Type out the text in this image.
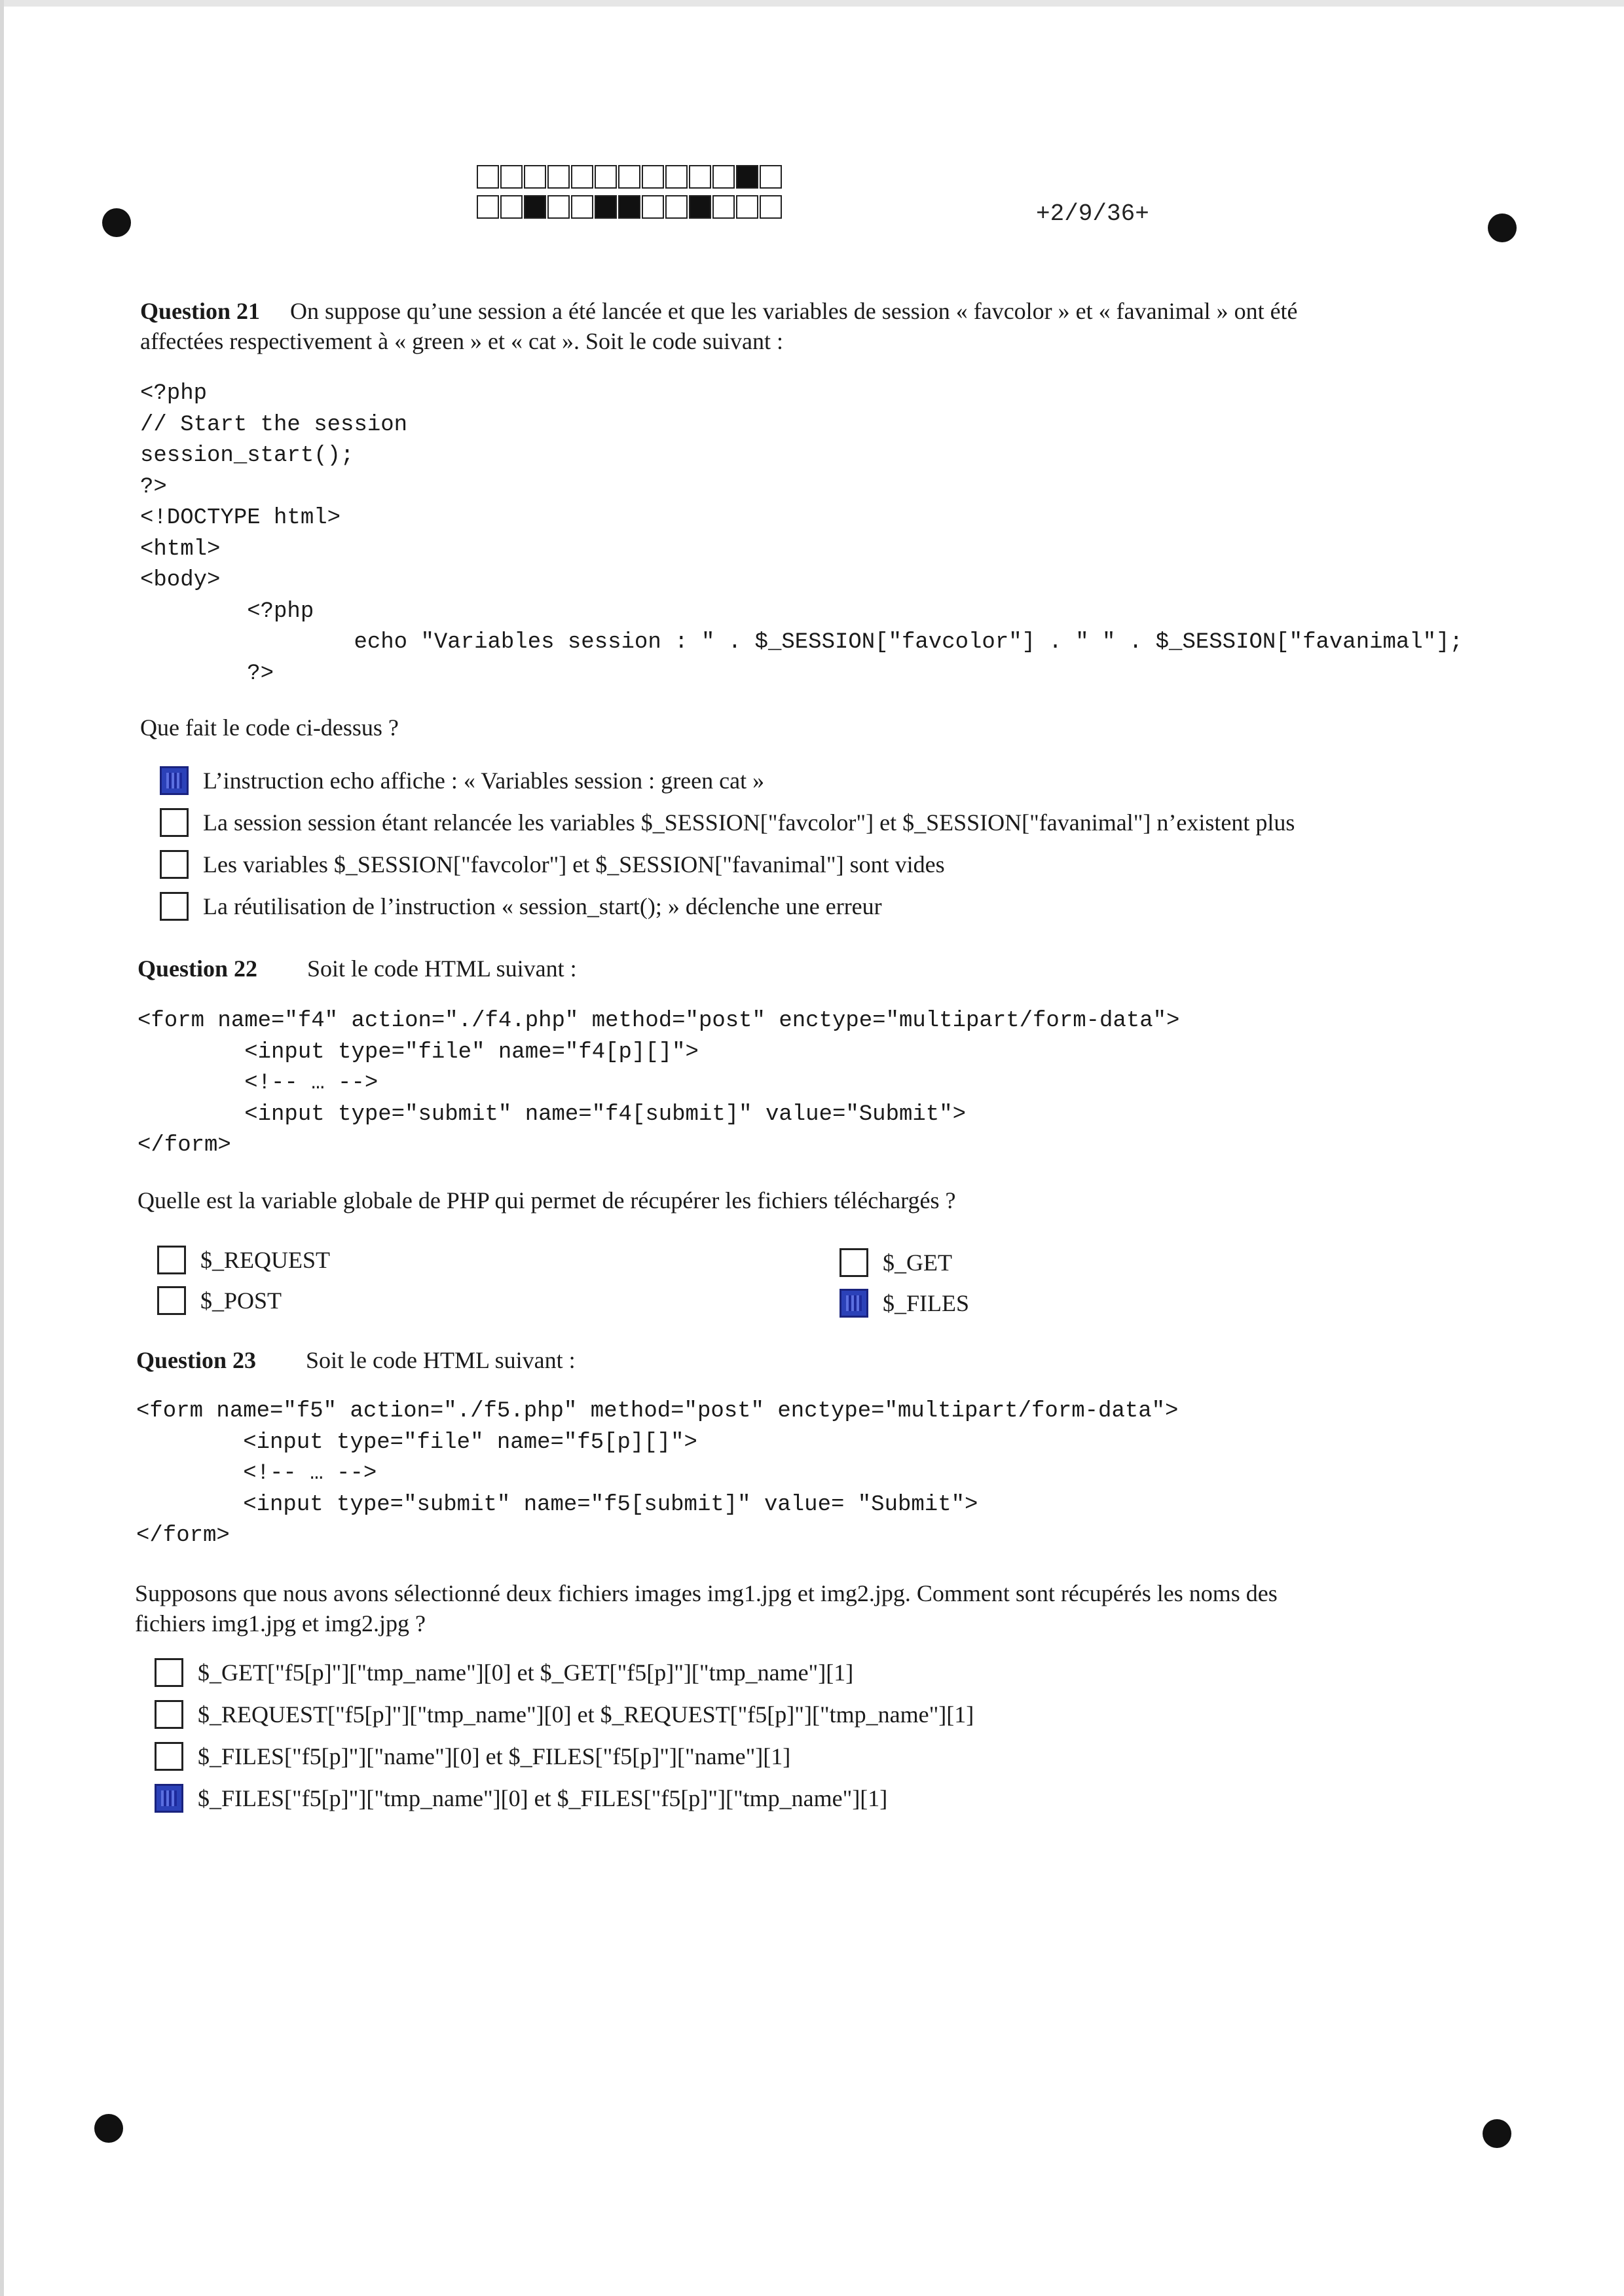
+2/9/36+
Question 21 On suppose qu’une session a été lancée et que les variables de session « favcolor » et « favanimal » ont été
affectées respectivement à « green » et « cat ». Soit le code suivant :
<?php
// Start the session
session_start();
?>
<!DOCTYPE html>
<html>
<body>
<?php
echo "Variables session : " . $_SESSION["favcolor"] . " " . $_SESSION["favanimal"];
?>
Que fait le code ci-dessus ?
L’instruction echo affiche : « Variables session : green cat »
La session session étant relancée les variables $_SESSION["favcolor"] et $_SESSION["favanimal"] n’existent plus
Les variables $_SESSION["favcolor"] et $_SESSION["favanimal"] sont vides
La réutilisation de l’instruction « session_start(); » déclenche une erreur
Question 22 Soit le code HTML suivant :
<form name="f4" action="./f4.php" method="post" enctype="multipart/form-data">
<input type="file" name="f4[p][]">
<!-- … -->
<input type="submit" name="f4[submit]" value="Submit">
</form>
Quelle est la variable globale de PHP qui permet de récupérer les fichiers téléchargés ?
$_REQUEST
$_POST
$_GET
$_FILES
Question 23 Soit le code HTML suivant :
<form name="f5" action="./f5.php" method="post" enctype="multipart/form-data">
<input type="file" name="f5[p][]">
<!-- … -->
<input type="submit" name="f5[submit]" value= "Submit">
</form>
Supposons que nous avons sélectionné deux fichiers images img1.jpg et img2.jpg. Comment sont récupérés les noms des
fichiers img1.jpg et img2.jpg ?
$_GET["f5[p]"]["tmp_name"][0] et $_GET["f5[p]"]["tmp_name"][1]
$_REQUEST["f5[p]"]["tmp_name"][0] et $_REQUEST["f5[p]"]["tmp_name"][1]
$_FILES["f5[p]"]["name"][0] et $_FILES["f5[p]"]["name"][1]
$_FILES["f5[p]"]["tmp_name"][0] et $_FILES["f5[p]"]["tmp_name"][1]
